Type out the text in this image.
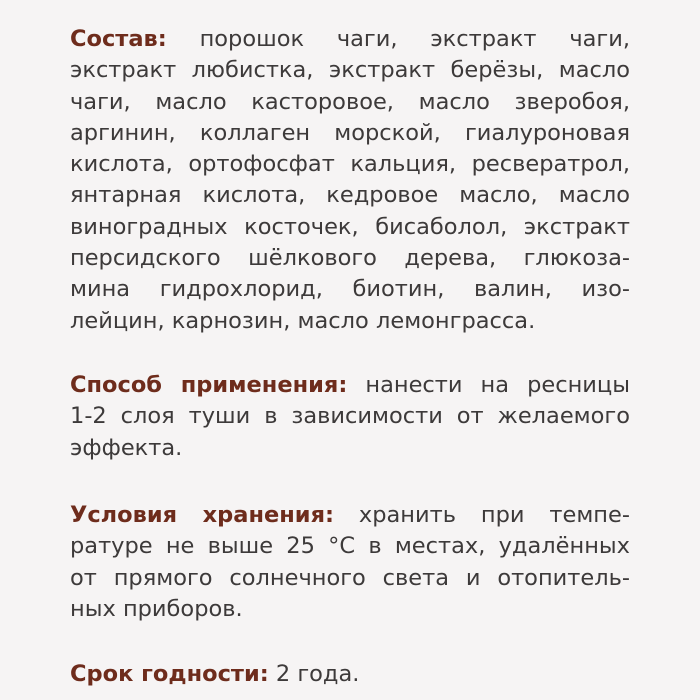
Состав: порошок чаги, экстракт чаги,
экстракт любистка, экстракт берёзы, масло
чаги, масло касторовое, масло зверобоя,
аргинин, коллаген морской, гиалуроновая
кислота, ортофосфат кальция, ресвератрол,
янтарная кислота, кедровое масло, масло
виноградных косточек, бисаболол, экстракт
персидского шёлкового дерева, глюкоза-
мина гидрохлорид, биотин, валин, изо-
лейцин, карнозин, масло лемонграсса.
Способ применения: нанести на ресницы
1-2 слоя туши в зависимости от желаемого
эффекта.
Условия хранения: хранить при темпе-
ратуре не выше 25 °С в местах, удалённых
от прямого солнечного света и отопитель-
ных приборов.
Срок годности: 2 года.
